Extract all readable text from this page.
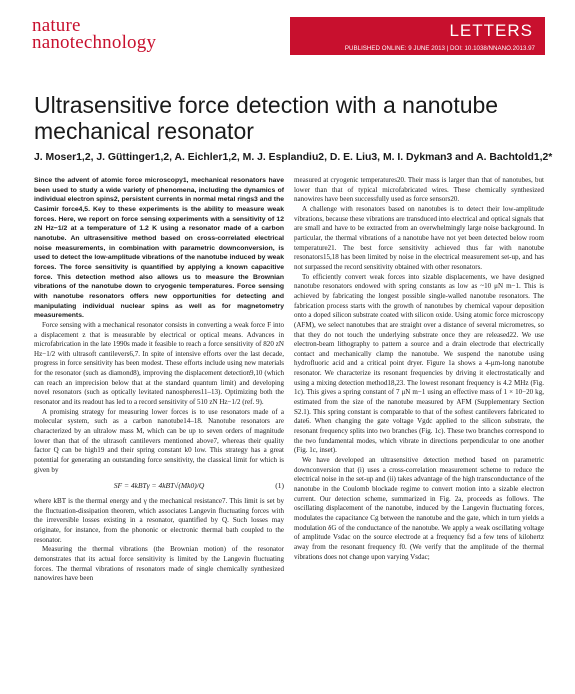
nature
nanotechnology
LETTERS
PUBLISHED ONLINE: 9 JUNE 2013 | DOI: 10.1038/NNANO.2013.97
Ultrasensitive force detection with a nanotube mechanical resonator
J. Moser1,2, J. Güttinger1,2, A. Eichler1,2, M. J. Esplandiu2, D. E. Liu3, M. I. Dykman3 and A. Bachtold1,2*

Since the advent of atomic force microscopy1, mechanical resonators have been used to study a wide variety of phenomena, including the dynamics of individual electron spins2, persistent currents in normal metal rings3 and the Casimir force4,5. Key to these experiments is the ability to measure weak forces. Here, we report on force sensing experiments with a sensitivity of 12 zN Hz−1/2 at a temperature of 1.2 K using a resonator made of a carbon nanotube. An ultrasensitive method based on cross-correlated electrical noise measurements, in combination with parametric downconversion, is used to detect the low-amplitude vibrations of the nanotube induced by weak forces. The force sensitivity is quantified by applying a known capacitive force. This detection method also allows us to measure the Brownian vibrations of the nanotube down to cryogenic temperatures. Force sensing with nanotube resonators offers new opportunities for detecting and manipulating individual nuclear spins as well as for magnetometry measurements.

Force sensing with a mechanical resonator consists in converting a weak force F into a displacement z that is measurable by electrical or optical means. Advances in microfabrication in the late 1990s made it feasible to reach a force sensitivity of 820 zN Hz−1/2 with ultrasoft cantilevers6,7. In spite of intensive efforts over the last decade, progress in force sensitivity has been modest. These efforts include using new materials for the resonator (such as diamond8), improving the displacement detection9,10 (which can reach an imprecision below that at the standard quantum limit) and developing novel resonators (such as optically levitated nanospheres11–13). Optimizing both the resonator and its readout has led to a record sensitivity of 510 zN Hz−1/2 (ref. 9).

A promising strategy for measuring lower forces is to use resonators made of a molecular system, such as a carbon nanotube14–18. Nanotube resonators are characterized by an ultralow mass M, which can be up to seven orders of magnitude lower than that of the ultrasoft cantilevers mentioned above7, whereas their quality factor Q can be high19 and their spring constant k0 low. This strategy has a great potential for generating an outstanding force sensitivity, the classical limit for which is given by

SF = 4kBTγ = 4kBT√(Mk0)/Q	(1)

where kBT is the thermal energy and γ the mechanical resistance7. This limit is set by the fluctuation-dissipation theorem, which associates Langevin fluctuating forces with the irreversible losses existing in a resonator, quantified by Q. Such losses may originate, for instance, from the phononic or electronic thermal bath coupled to the resonator.

Measuring the thermal vibrations (the Brownian motion) of the resonator demonstrates that its actual force sensitivity is limited by the Langevin fluctuating forces. The thermal vibrations of resonators made of single chemically synthesized nanowires have been

measured at cryogenic temperatures20. Their mass is larger than that of nanotubes, but lower than that of typical microfabricated wires. These chemically synthesized nanowires have been successfully used as force sensors20.

A challenge with resonators based on nanotubes is to detect their low-amplitude vibrations, because these vibrations are transduced into electrical and optical signals that are small and have to be extracted from an overwhelmingly large noise background. In particular, the thermal vibrations of a nanotube have not yet been detected below room temperature21. The best force sensitivity achieved thus far with nanotube resonators15,18 has been limited by noise in the electrical measurement set-up, and has not surpassed the record sensitivity obtained with other resonators.

To efficiently convert weak forces into sizable displacements, we have designed nanotube resonators endowed with spring constants as low as ~10 μN m−1. This is achieved by fabricating the longest possible single-walled nanotube resonators. The fabrication process starts with the growth of nanotubes by chemical vapour deposition onto a doped silicon substrate coated with silicon oxide. Using atomic force microscopy (AFM), we select nanotubes that are straight over a distance of several micrometres, so that they do not touch the underlying substrate once they are released22. We use electron-beam lithography to pattern a source and a drain electrode that electrically contact and mechanically clamp the nanotube. We suspend the nanotube using hydrofluoric acid and a critical point dryer. Figure 1a shows a 4-μm-long nanotube resonator. We characterize its resonant frequencies by driving it electrostatically and using a mixing detection method18,23. The lowest resonant frequency is 4.2 MHz (Fig. 1c). This gives a spring constant of 7 μN m−1 using an effective mass of 1 × 10−20 kg, estimated from the size of the nanotube measured by AFM (Supplementary Section S2.1). This spring constant is comparable to that of the softest cantilevers fabricated to date6. When changing the gate voltage Vgdc applied to the silicon substrate, the resonant frequency splits into two branches (Fig. 1c). These two branches correspond to the two fundamental modes, which vibrate in directions perpendicular to one another (Fig. 1c, inset).

We have developed an ultrasensitive detection method based on parametric downconversion that (i) uses a cross-correlation measurement scheme to reduce the electrical noise in the set-up and (ii) takes advantage of the high transconductance of the nanotube in the Coulomb blockade regime to convert motion into a sizable electron current. Our detection scheme, summarized in Fig. 2a, proceeds as follows. The oscillating displacement of the nanotube, induced by the Langevin fluctuating forces, modulates the capacitance Cg between the nanotube and the gate, which in turn yields a modulation δG of the conductance of the nanotube. We apply a weak oscillating voltage of amplitude Vsdac on the source electrode at a frequency fsd a few tens of kilohertz away from the resonant frequency f0. (We verify that the amplitude of the thermal vibrations does not change upon varying Vsdac;
